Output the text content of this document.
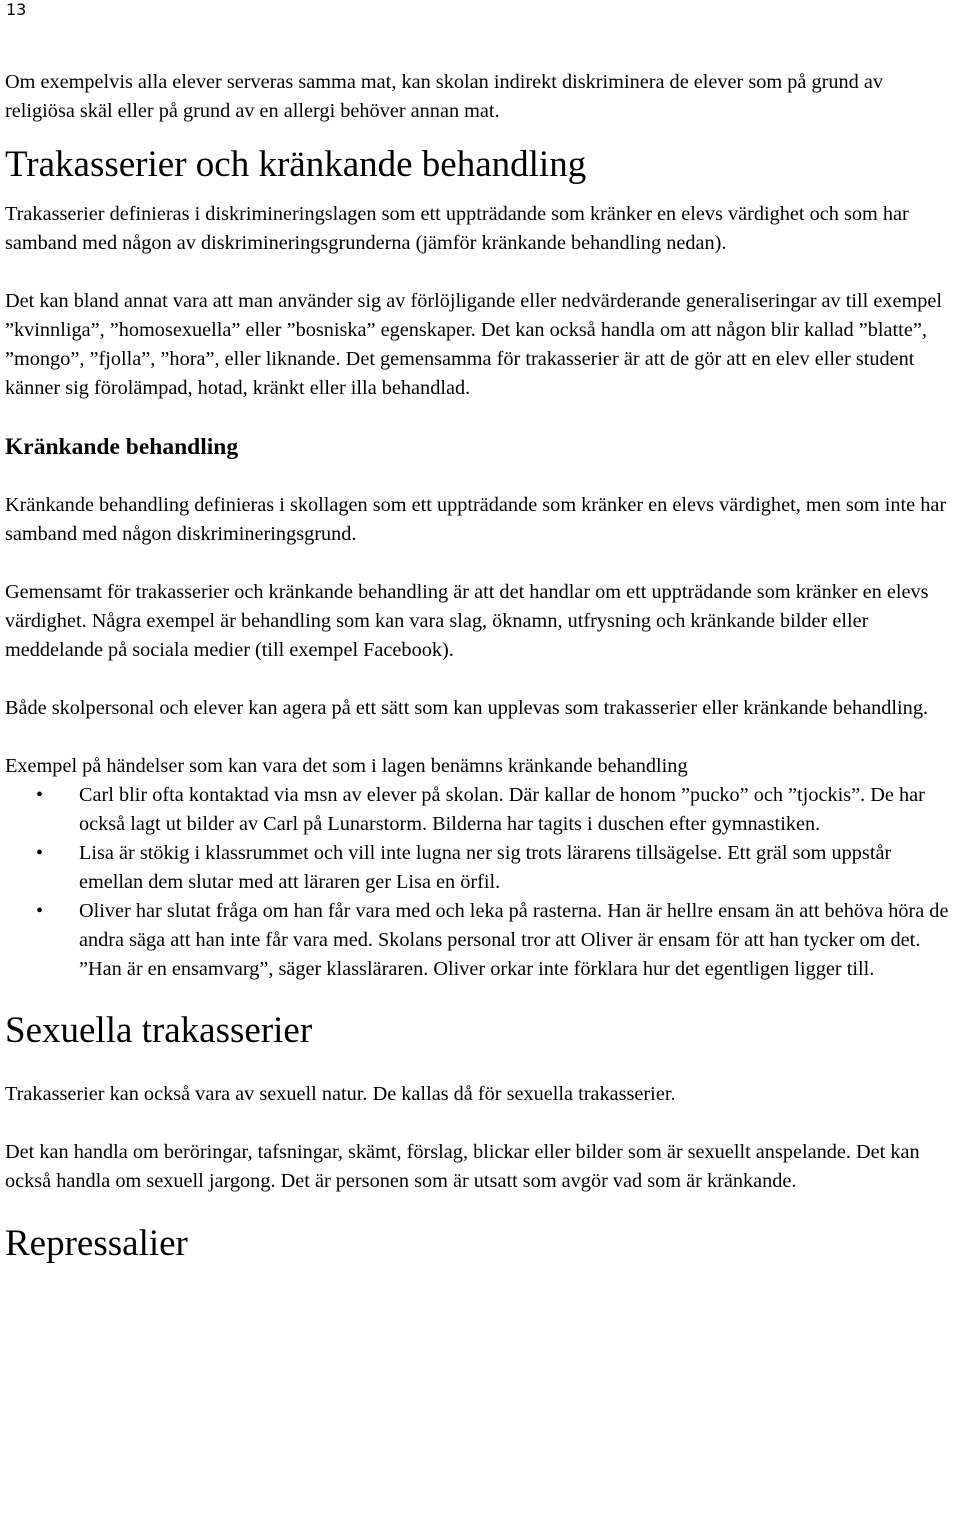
13

Om exempelvis alla elever serveras samma mat, kan skolan indirekt diskriminera de elever som på grund av religiösa skäl eller på grund av en allergi behöver annan mat.

Trakasserier och kränkande behandling

Trakasserier definieras i diskrimineringslagen som ett uppträdande som kränker en elevs värdighet och som har samband med någon av diskrimineringsgrunderna (jämför kränkande behandling nedan).

Det kan bland annat vara att man använder sig av förlöjligande eller nedvärderande generaliseringar av till exempel ”kvinnliga”, ”homosexuella” eller ”bosniska” egenskaper. Det kan också handla om att någon blir kallad ”blatte”, ”mongo”, ”fjolla”, ”hora”, eller liknande. Det gemensamma för trakasserier är att de gör att en elev eller student känner sig förolämpad, hotad, kränkt eller illa behandlad.

Kränkande behandling

Kränkande behandling definieras i skollagen som ett uppträdande som kränker en elevs värdighet, men som inte har samband med någon diskrimineringsgrund.

Gemensamt för trakasserier och kränkande behandling är att det handlar om ett uppträdande som kränker en elevs värdighet. Några exempel är behandling som kan vara slag, öknamn, utfrysning och kränkande bilder eller meddelande på sociala medier (till exempel Facebook).

Både skolpersonal och elever kan agera på ett sätt som kan upplevas som trakasserier eller kränkande behandling.

Exempel på händelser som kan vara det som i lagen benämns kränkande behandling

• Carl blir ofta kontaktad via msn av elever på skolan. Där kallar de honom ”pucko” och ”tjockis”. De har också lagt ut bilder av Carl på Lunarstorm. Bilderna har tagits i duschen efter gymnastiken.
• Lisa är stökig i klassrummet och vill inte lugna ner sig trots lärarens tillsägelse. Ett gräl som uppstår emellan dem slutar med att läraren ger Lisa en örfil.
• Oliver har slutat fråga om han får vara med och leka på rasterna. Han är hellre ensam än att behöva höra de andra säga att han inte får vara med. Skolans personal tror att Oliver är ensam för att han tycker om det. ”Han är en ensamvarg”, säger klassläraren. Oliver orkar inte förklara hur det egentligen ligger till.
Sexuella trakasserier

Trakasserier kan också vara av sexuell natur. De kallas då för sexuella trakasserier.

Det kan handla om beröringar, tafsningar, skämt, förslag, blickar eller bilder som är sexuellt anspelande. Det kan också handla om sexuell jargong. Det är personen som är utsatt som avgör vad som är kränkande.

Repressalier
